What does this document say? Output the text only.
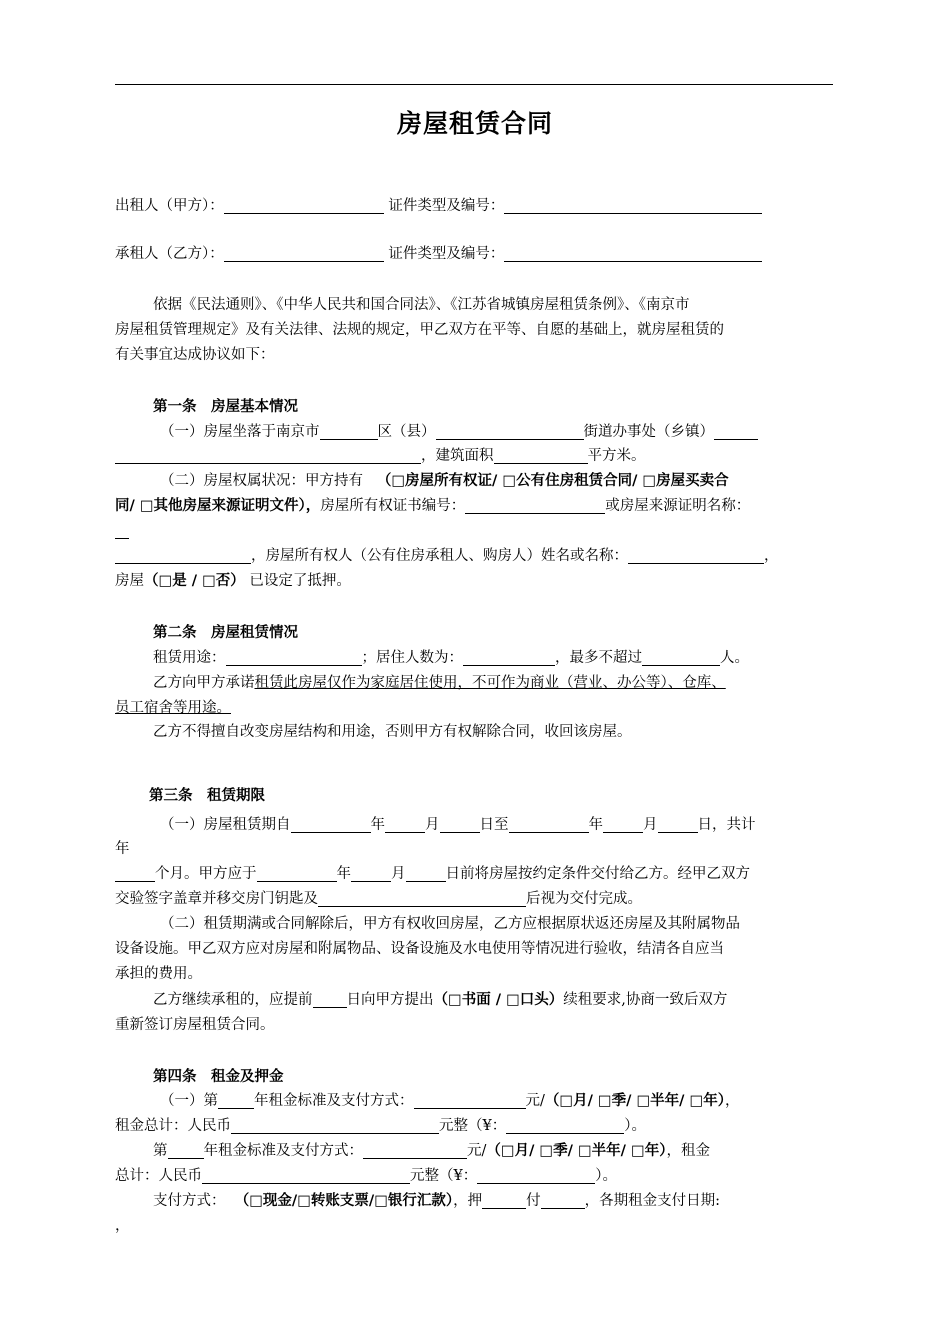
房屋租赁合同
出租人（甲方）：	证件类型及编号：
承租人（乙方）：	证件类型及编号：
依据《民法通则》、《中华人民共和国合同法》、《江苏省城镇房屋租赁条例》、《南京市
房屋租赁管理规定》及有关法律、法规的规定，甲乙双方在平等、自愿的基础上，就房屋租赁的
有关事宜达成协议如下：
第一条　房屋基本情况
（一）房屋坐落于南京市	区（县）	街道办事处（乡镇）
，建筑面积	平方米。
（二）房屋权属状况：甲方持有 （□房屋所有权证/ □公有住房租赁合同/ □房屋买卖合
同/ □其他房屋来源证明文件），房屋所有权证书编号：	或房屋来源证明名称：
，房屋所有权人（公有住房承租人、购房人）姓名或名称：	，
房屋（□是 / □否） 已设定了抵押。
第二条　房屋租赁情况
租赁用途：	；居住人数为：	，最多不超过	人。
乙方向甲方承诺租赁此房屋仅作为家庭居住使用，不可作为商业（营业、办公等）、仓库、
员工宿舍等用途。
乙方不得擅自改变房屋结构和用途，否则甲方有权解除合同，收回该房屋。
第三条　租赁期限
（一）房屋租赁期自	年	月	日至	年	月	日，共计
年
个月。甲方应于	年	月	日前将房屋按约定条件交付给乙方。经甲乙双方
交验签字盖章并移交房门钥匙及	后视为交付完成。
（二）租赁期满或合同解除后，甲方有权收回房屋，乙方应根据原状返还房屋及其附属物品
设备设施。甲乙双方应对房屋和附属物品、设备设施及水电使用等情况进行验收，结清各自应当
承担的费用。
乙方继续承租的，应提前 日向甲方提出（□书面 / □口头）续租要求,协商一致后双方
重新签订房屋租赁合同。
第四条　租金及押金
（一）第 年租金标准及支付方式：	元/（□月/ □季/ □半年/ □年），
租金总计：人民币	元整（¥：	）。
第 年租金标准及支付方式：	元/（□月/ □季/ □半年/ □年），租金
总计：人民币	元整（¥：	）。
支付方式： （□现金/□转账支票/□银行汇款），押	付	，各期租金支付日期:
，
